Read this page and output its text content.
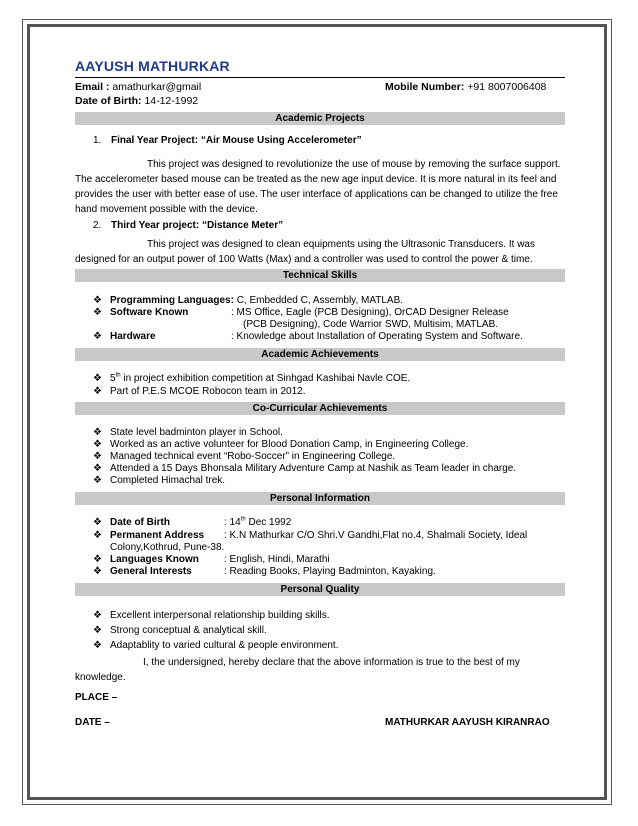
AAYUSH MATHURKAR
Email : amathurkar@gmail	Mobile Number: +91 8007006408
Date of Birth: 14-12-1992
Academic Projects
1. Final Year Project: “Air Mouse Using Accelerometer”
This project was designed to revolutionize the use of mouse by removing the surface support. The accelerometer based mouse can be treated as the new age input device. It is more natural in its feel and provides the user with better ease of use. The user interface of applications can be changed to utilize the free hand movement possible with the device.
2. Third Year project: “Distance Meter”
This project was designed to clean equipments using the Ultrasonic Transducers. It was designed for an output power of 100 Watts (Max) and a controller was used to control the power & time.
Technical Skills
❖ Programming Languages: C, Embedded C, Assembly, MATLAB.
❖ Software Known	: MS Office, Eagle (PCB Designing), OrCAD Designer Release
(PCB Designing), Code Warrior SWD, Multisim, MATLAB.
❖ Hardware	: Knowledge about Installation of Operating System and Software.
Academic Achievements
❖ 5th in project exhibition competition at Sinhgad Kashibai Navle COE.
❖ Part of P.E.S MCOE Robocon team in 2012.
Co-Curricular Achievements
❖ State level badminton player in School.
❖ Worked as an active volunteer for Blood Donation Camp, in Engineering College.
❖ Managed technical event “Robo-Soccer” in Engineering College.
❖ Attended a 15 Days Bhonsala Military Adventure Camp at Nashik as Team leader in charge.
❖ Completed Himachal trek.
Personal Information
❖ Date of Birth	: 14th Dec 1992
❖ Permanent Address : K.N Mathurkar C/O Shri.V Gandhi,Flat no.4, Shalmali Society, Ideal
Colony,Kothrud, Pune-38.
❖ Languages Known	: English, Hindi, Marathi
❖ General Interests	: Reading Books, Playing Badminton, Kayaking.
Personal Quality
❖ Excellent interpersonal relationship building skills.
❖ Strong conceptual & analytical skill.
❖ Adaptablity to varied cultural & people environment.
I, the undersigned, hereby declare that the above information is true to the best of my knowledge.
PLACE –
DATE –	MATHURKAR AAYUSH KIRANRAO
